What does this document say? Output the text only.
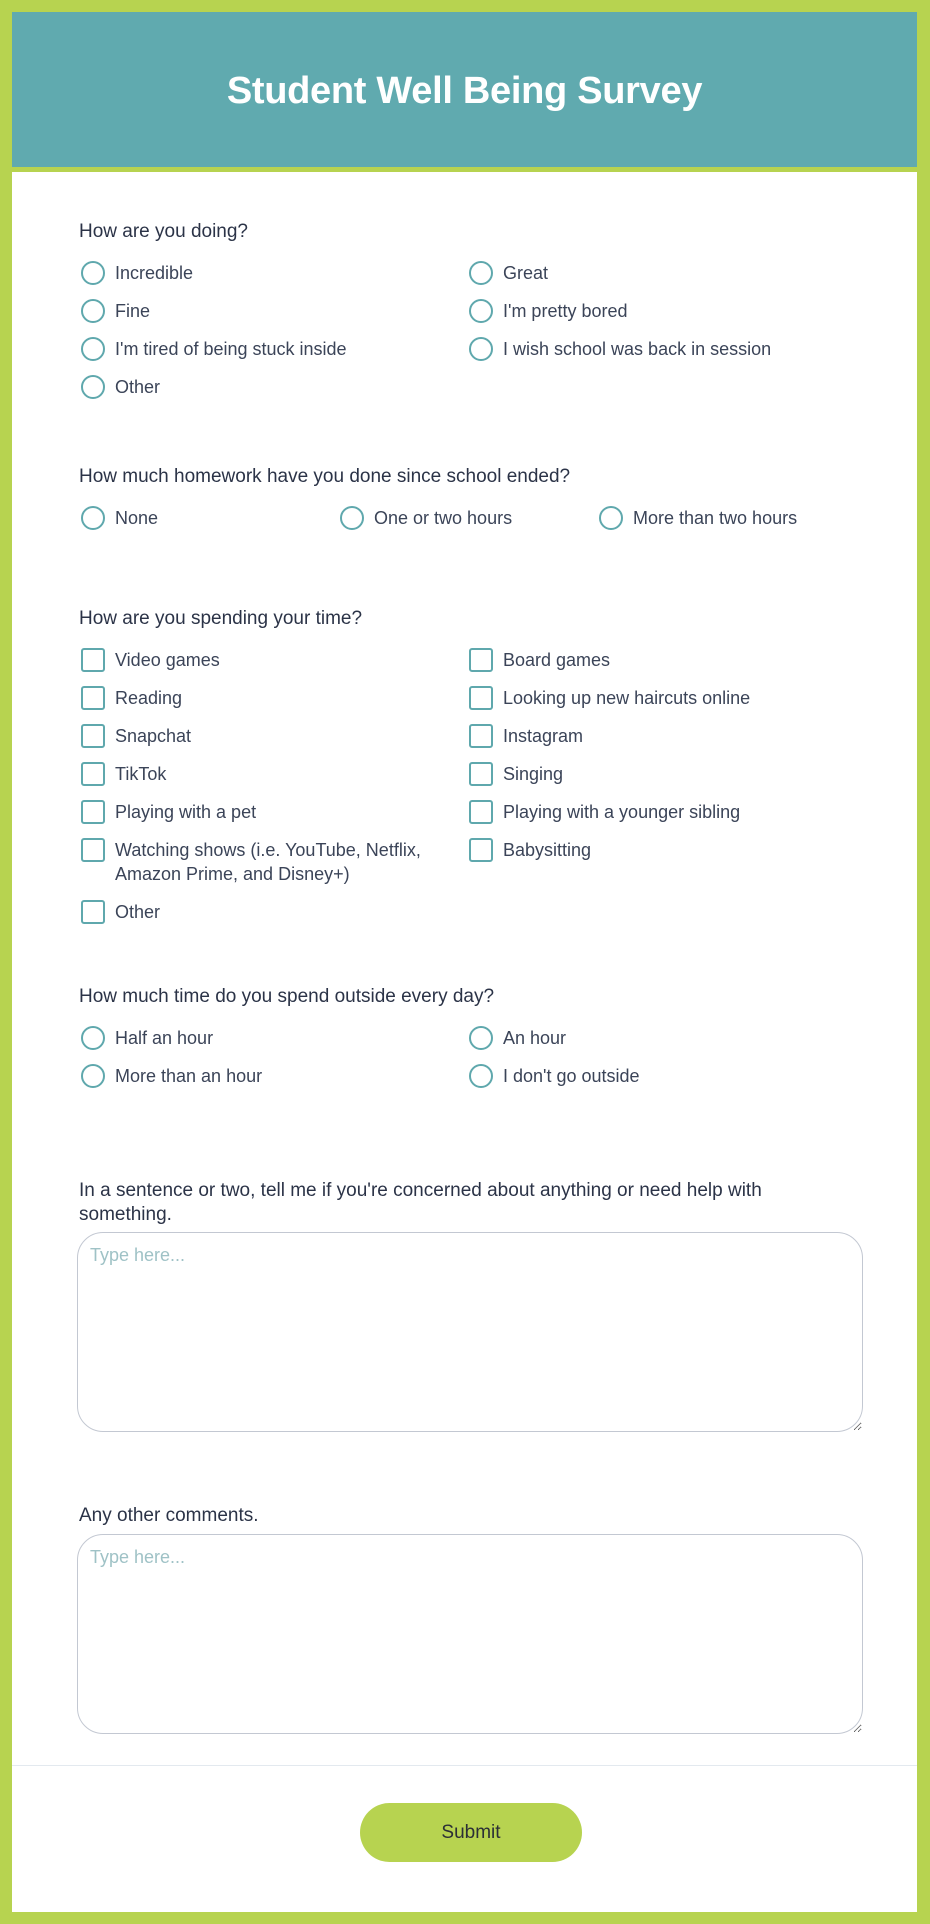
Student Well Being Survey
How are you doing?
Incredible	Great
Fine	I'm pretty bored
I'm tired of being stuck inside	I wish school was back in session
Other
How much homework have you done since school ended?
None	One or two hours	More than two hours
How are you spending your time?
Video games	Board games
Reading	Looking up new haircuts online
Snapchat	Instagram
TikTok	Singing
Playing with a pet	Playing with a younger sibling
Watching shows (i.e. YouTube, Netflix, Amazon Prime, and Disney+)
Babysitting
Other
How much time do you spend outside every day?
Half an hour	An hour
More than an hour	I don't go outside
In a sentence or two, tell me if you're concerned about anything or need help with something.
Type here...
Any other comments.
Type here...
Submit
